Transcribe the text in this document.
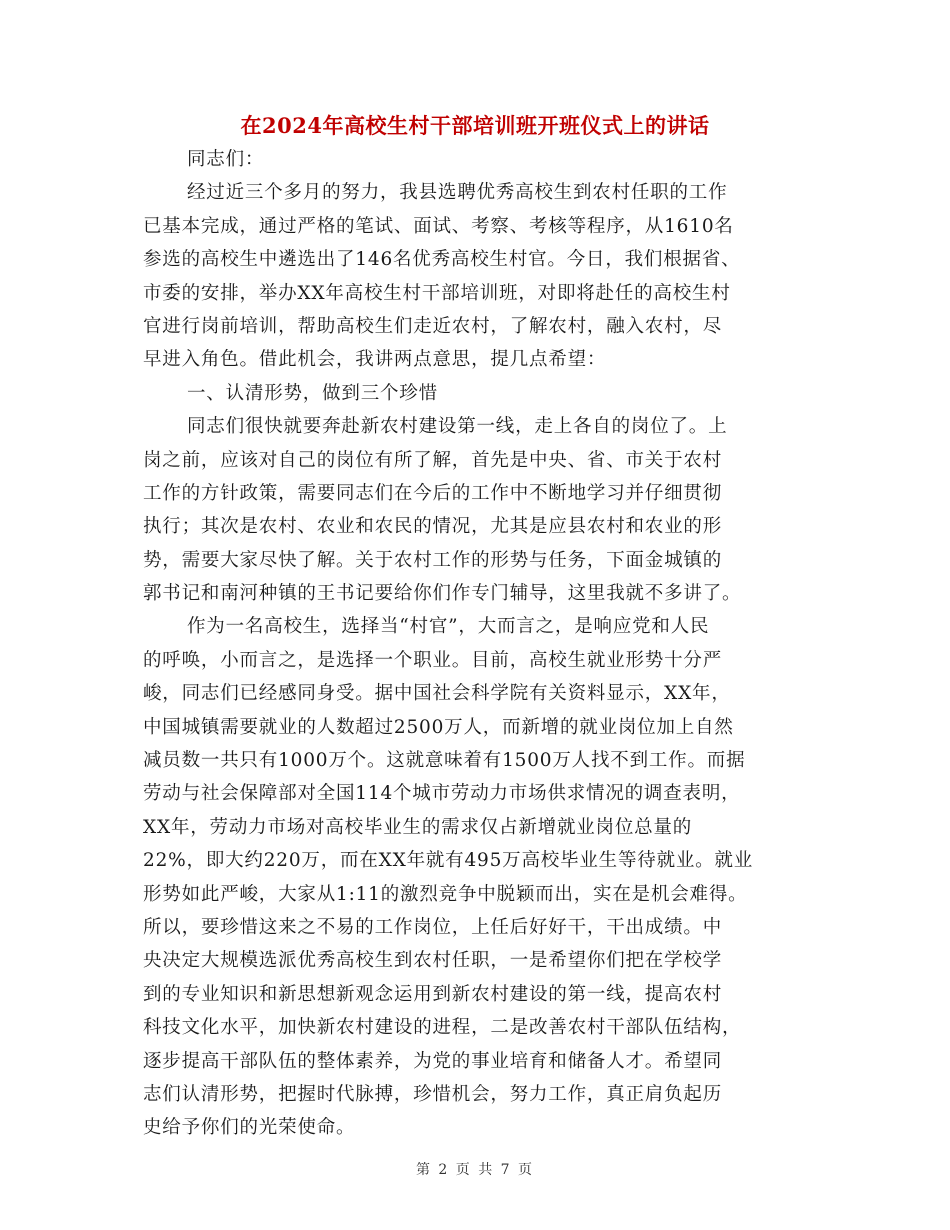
在2024年高校生村干部培训班开班仪式上的讲话
同志们：
经过近三个多月的努力，我县选聘优秀高校生到农村任职的工作
已基本完成，通过严格的笔试、面试、考察、考核等程序，从1610名
参选的高校生中遴选出了146名优秀高校生村官。今日，我们根据省、
市委的安排，举办XX年高校生村干部培训班，对即将赴任的高校生村
官进行岗前培训，帮助高校生们走近农村，了解农村，融入农村，尽
早进入角色。借此机会，我讲两点意思，提几点希望：
一、认清形势，做到三个珍惜
同志们很快就要奔赴新农村建设第一线，走上各自的岗位了。上
岗之前，应该对自己的岗位有所了解，首先是中央、省、市关于农村
工作的方针政策，需要同志们在今后的工作中不断地学习并仔细贯彻
执行；其次是农村、农业和农民的情况，尤其是应县农村和农业的形
势，需要大家尽快了解。关于农村工作的形势与任务，下面金城镇的
郭书记和南河种镇的王书记要给你们作专门辅导，这里我就不多讲了。
作为一名高校生，选择当“村官”，大而言之，是响应党和人民
的呼唤，小而言之，是选择一个职业。目前，高校生就业形势十分严
峻，同志们已经感同身受。据中国社会科学院有关资料显示，XX年，
中国城镇需要就业的人数超过2500万人，而新增的就业岗位加上自然
减员数一共只有1000万个。这就意味着有1500万人找不到工作。而据
劳动与社会保障部对全国114个城市劳动力市场供求情况的调查表明，
XX年，劳动力市场对高校毕业生的需求仅占新增就业岗位总量的
22%，即大约220万，而在XX年就有495万高校毕业生等待就业。就业
形势如此严峻，大家从1:11的激烈竞争中脱颖而出，实在是机会难得。
所以，要珍惜这来之不易的工作岗位，上任后好好干，干出成绩。中
央决定大规模选派优秀高校生到农村任职，一是希望你们把在学校学
到的专业知识和新思想新观念运用到新农村建设的第一线，提高农村
科技文化水平，加快新农村建设的进程，二是改善农村干部队伍结构，
逐步提高干部队伍的整体素养，为党的事业培育和储备人才。希望同
志们认清形势，把握时代脉搏，珍惜机会，努力工作，真正肩负起历
史给予你们的光荣使命。
第 2 页 共 7 页
